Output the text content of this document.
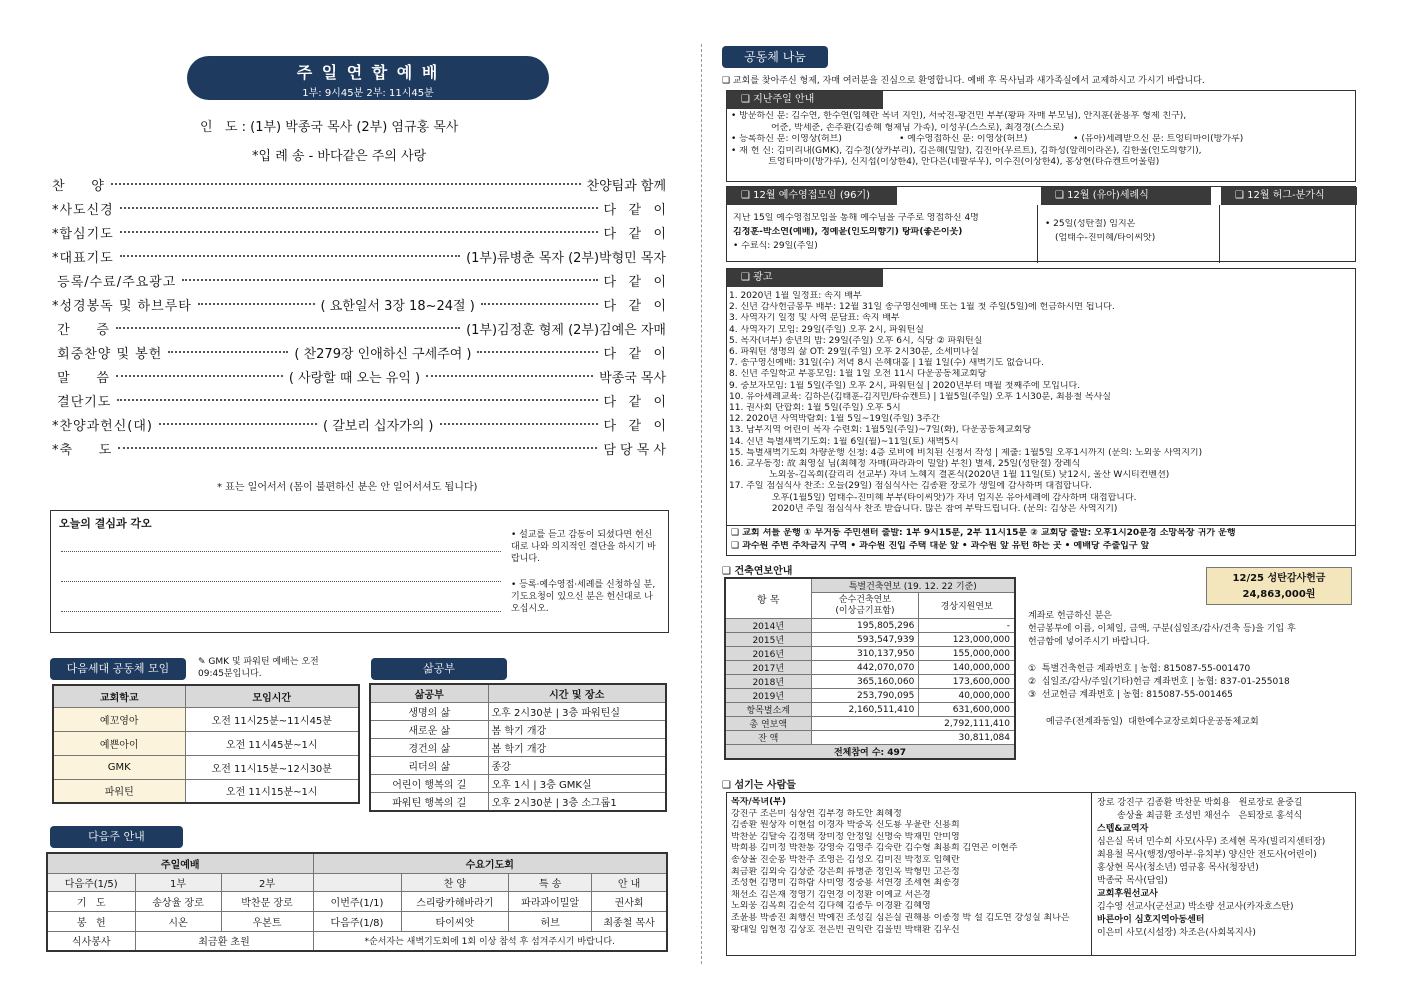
주 일 연 합 예 배
1부: 9시45분 2부: 11시45분
인   도 : (1부) 박종국 목사 (2부) 염규홍 목사
*입 례 송 - 바다같은 주의 사랑
찬     양	찬양팀과 함께
*사도신경	다   같   이
*합심기도	다   같   이
*대표기도	(1부)류병춘 목자 (2부)박형민 목자
등록/수료/주요광고	다   같   이
*성경봉독 및 하브루타	( 요한일서 3장 18~24절 )	다   같   이
간     증	(1부)김정훈 형제 (2부)김예은 자매
회중찬양 및 봉헌	( 찬279장 인애하신 구세주여 )	다   같   이
말     씀	( 사랑할 때 오는 유익 )	박종국 목사
결단기도	다   같   이
*찬양과헌신(대)	( 갈보리 십자가의 )	다   같   이
*축     도	담 당 목 사
* 표는 일어서서 (몸이 불편하신 분은 안 일어서셔도 됩니다)
오늘의 결심과 각오
• 설교를 듣고 감동이 되셨다면 헌신대로 나와 의지적인 결단을 하시기 바랍니다.
• 등록·예수영접·세례를 신청하실 분, 기도요청이 있으신 분은 헌신대로 나오십시오.
다음세대 공동체 모임	✎ GMK 및 파워틴 예배는 오전 09:45분입니다.
교회학교	모임시간
예꼬영아	오전 11시25분~11시45분
예쁜아이	오전 11시45분~1시
GMK	오전 11시15분~12시30분
파워틴	오전 11시15분~1시
삶공부
삶공부	시간 및 장소
생명의 삶	오후 2시30분 | 3층 파워틴실
새로운 삶	봄 학기 개강
경건의 삶	봄 학기 개강
리더의 삶	종강
어린이 행복의 길	오후 1시 | 3층 GMK실
파워틴 행복의 길	오후 2시30분 | 3층 소그룹1
다음주 안내
주일예배			수요기도회			
다음주(1/5)	1부	2부		찬 양	특 송	안 내
기   도	송상율 장로	박찬문 장로	이번주(1/1)	스리랑카해바라기	파라과이밀알	권사회
봉   헌	시온	우본트	다음주(1/8)	타이씨앗	허브	최종철 목사
식사봉사	최금환 초원		*순서자는 새벽기도회에 1회 이상 참석 후 섬겨주시기 바랍니다.			
공동체 나눔
❑ 교회를 찾아주신 형제, 자매 여러분을 진심으로 환영합니다. 예배 후 목사님과 새가족실에서 교제하시고 가시기 바랍니다.
❑ 지난주일 안내
• 방문하신 분: 김수연, 한수연(임혜란 목녀 지인), 서국진-황건민 부부(황파 자매 부모님), 안지훈(윤용후 형제 친구),
어준, 박세준, 손주환(김종혜 형제님 가족), 이성우(스스로), 최경경(스스로)
• 등록하신 분: 이영상(허브)                    • 예수영접하신 분: 이영상(허브)                • (유아)세례받으신 분: 트엉티마이(방가루)
• 재 헌 신: 김미리내(GMK), 김수정(상카부리), 김은혜(밀알), 김진아(우르트), 김하성(알레이라온), 김한울(인도의향기),
트엉티마이(방가루), 신지섭(이상한4), 안다은(네팔루우), 이수진(이상한4), 홍상현(타슈켄트어울림)
❑ 12월 예수영접모임 (96기)	❑ 12월 (유아)세례식	❑ 12월 허그-분가식
지난 15일 예수영접모임을 통해 예수님을 구주로 영접하신 4명
김정훈-박소연(예배), 정예윤(인도의향기) 탕파(좋은이웃)
• 수료식: 29일(주일)
• 25일(성탄절) 임지온
(엄태수-진미혜/타이씨앗)
❑ 광고
1. 2020년 1월 일정표: 속지 배부
2. 신년 감사헌금봉투 배부: 12월 31일 송구영신예배 또는 1월 첫 주일(5일)에 헌금하시면 됩니다.
3. 사역자기 일정 및 사역 분담표: 속지 배부
4. 사역자기 모임: 29일(주일) 오후 2시, 파워틴실
5. 목자(녀부) 송년의 밤: 29일(주일) 오후 6시, 식당 ② 파워틴실
6. 파워틴 생명의 삶 OT: 29일(주일) 오후 2시30분, 소세미나실
7. 송구영신예배: 31일(수) 저녁 8시 은혜대홀 | 1월 1일(수) 새벽기도 없습니다.
8. 신년 주일학교 부흥모임: 1월 1일 오전 11시 다운공동체교회당
9. 중보자모임: 1월 5일(주일) 오후 2시, 파워틴실 | 2020년부터 매월 첫째주에 모입니다.
10. 유아세례교육: 김하은(김태훈-김지민/타슈켄트) | 1월5일(주일) 오후 1시30분, 최용철 목사실
11. 권사회 단합회: 1월 5일(주일) 오후 5시
12. 2020년 사역박람회: 1월 5일~19일(주일) 3주간
13. 남부지역 어린이 목자 수련회: 1월5일(주일)~7일(화), 다운공동체교회당
14. 신년 특별새벽기도회: 1월 6일(월)~11일(토) 새벽5시
15. 특별새벽기도회 차량운행 신청: 4층 로비에 비치된 신청서 작성 | 제출: 1월5일 오후1시까지 (문의: 노외웅 사역지기)
16. 교우동정: 故 최영실 님(최혜정 자매(파라과이 밀알) 부친) 별세, 25일(성탄절) 장례식
노외웅-김옥희(갈리리 선교부) 자녀 노혜지 결혼식(2020년 1월 11일(토) 낮12시, 울산 W시티컨벤션)
17. 주일 점심식사 찬조: 오늘(29일) 점심식사는 김종환 장로가 생일에 감사하며 대접합니다.
오후(1월5일) 엄태수-진미혜 부부(타이씨앗)가 자녀 엄지온 유아세례에 감사하며 대접합니다.
2020년 주일 점심식사 찬조 받습니다. 많은 참여 부탁드립니다. (문의: 김상은 사역지기)
❑ 교회 셔틀 운행 ① 무거동 주민센터 출발: 1부 9시15분, 2부 11시15분 ② 교회당 출발: 오후1시20분경 소망목장 귀가 운행
❑ 과수원 주변 주차금지 구역 • 과수원 진입 주택 대문 앞 • 과수원 앞 유턴 하는 곳 • 예배당 주출입구 앞
❑ 건축연보안내
항 목	특별건축연보 (19. 12. 22 기준)	

	순수건축연보
(이상금기표함)	경상지원연보
2014년	195,805,296	-
2015년	593,547,939	123,000,000
2016년	310,137,950	155,000,000
2017년	442,070,070	140,000,000
2018년	365,160,060	173,600,000
2019년	253,790,095	40,000,000
항목별소계	2,160,511,410	631,600,000
총 연보액	2,792,111,410	
잔 액	30,811,084	
전체참여 수: 497		
12/25 성탄감사헌금
24,863,000원
계좌로 헌금하신 분은
헌금봉투에 이름, 이체일, 금액, 구분(십일조/감사/건축 등)을 기입 후
헌금함에 넣어주시기 바랍니다.
①  특별건축헌금 계좌번호 | 농협: 815087-55-001470
②  십일조/감사/주일(기타)헌금 계좌번호 | 농협: 837-01-255018
③  선교헌금 계좌번호 | 농협: 815087-55-001465
예금주(전계좌동일)  대한예수교장로회다운공동체교회
❑ 섬기는 사람들
목자/목녀(부)
강진구 조은미 심상연 김부경 하도안 최혜정
김종환 원상자 이현섭 이경자 박중옥 신도룡 우윤란 신용희
박찬문 김달숙 김정택 장미정 안정일 신명숙 박재민 안미영
박희용 김미정 박찬통 강영숙 김영주 김숙란 김수형 최용희 김연곤 이현주
송상율 진순봉 박찬주 조영은 김성오 김미진 박정호 임혜란
최금환 김외숙 김상준 강은희 류병춘 정인옥 박형민 고은정
조성현 김명미 김하람 사미영 정중용 서연경 조세현 최송경
채선소 김은재 정영기 김연경 이정환 이예교 서은경
노외웅 김옥희 김순석 김다혜 김종두 이경환 김혜영
조윤용 박종진 최행신 박예진 조성길 심은실 권해용 이종정 박 설 김도연 강성실 최나은
황대일 임현정 김상호 전은빈 권익란 김을빈 박태환 김우신
장로 강진구 김종환 박찬문 박회용   원로장로 윤중길
송상율 최금환 조성빈 채선수   은퇴장로 홍석식
스텝&교역자
심은실 목녀 민수희 사모(사무) 조세현 목자(빌리지센터장)
최용철 목사(행정/영아부·유치부) 양신안 전도사(어린이)
홍상현 목사(청소년) 염규홍 목사(청장년)
박종국 목사(담임)
교회후원선교사
김수영 선교사(군선교) 박소량 선교사(카자흐스탄)
바른아이 심호지역아동센터
이은미 사모(시설장) 차조은(사회복지사)
